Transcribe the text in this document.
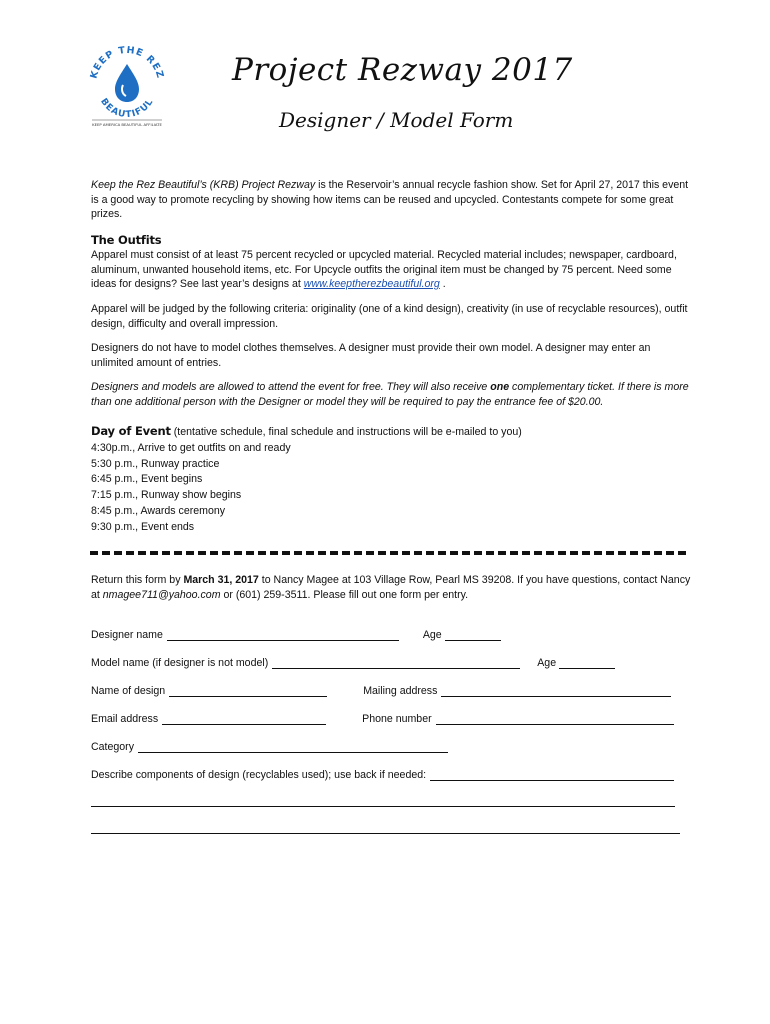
KEEP THE REZ
BEAUTIFUL
KEEP AMERICA BEAUTIFUL AFFILIATE
Project Rezway 2017
Designer / Model Form
Keep the Rez Beautiful’s (KRB) Project Rezway is the Reservoir’s annual recycle fashion show. Set for April 27, 2017 this event is a good way to promote recycling by showing how items can be reused and upcycled. Contestants compete for some great prizes.
The Outfits
Apparel must consist of at least 75 percent recycled or upcycled material. Recycled material includes; newspaper, cardboard, aluminum, unwanted household items, etc. For Upcycle outfits the original item must be changed by 75 percent. Need some ideas for designs? See last year’s designs at www.keeptherezbeautiful.org .
Apparel will be judged by the following criteria: originality (one of a kind design), creativity (in use of recyclable resources), outfit design, difficulty and overall impression.
Designers do not have to model clothes themselves. A designer must provide their own model. A designer may enter an unlimited amount of entries.
Designers and models are allowed to attend the event for free. They will also receive one complementary ticket. If there is more than one additional person with the Designer or model they will be required to pay the entrance fee of $20.00.
Day of Event (tentative schedule, final schedule and instructions will be e-mailed to you)
4:30p.m., Arrive to get outfits on and ready
5:30 p.m., Runway practice
6:45 p.m., Event begins
7:15 p.m., Runway show begins
8:45 p.m., Awards ceremony
9:30 p.m., Event ends
Return this form by March 31, 2017 to Nancy Magee at 103 Village Row, Pearl MS 39208. If you have questions, contact Nancy at nmagee711@yahoo.com or (601) 259-3511. Please fill out one form per entry.
Designer name	Age
Model name (if designer is not model)	Age
Name of design	Mailing address
Email address	Phone number
Category
Describe components of design (recyclables used); use back if needed:
